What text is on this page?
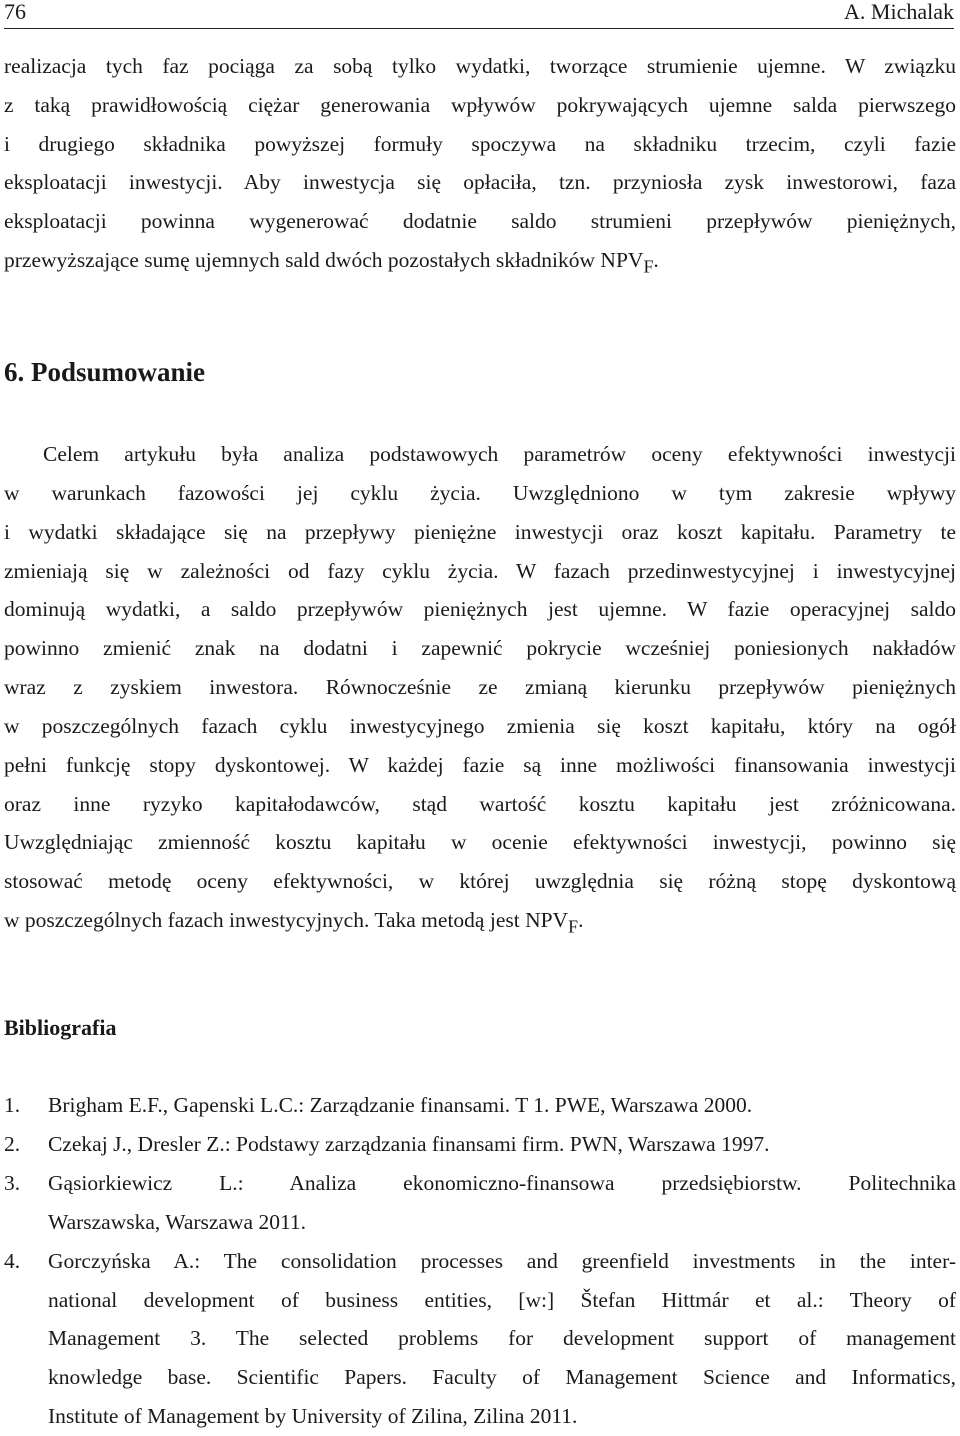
76	A. Michalak
realizacja tych faz pociąga za sobą tylko wydatki, tworzące strumienie ujemne. W związku
z taką prawidłowością ciężar generowania wpływów pokrywających ujemne salda pierwszego
i drugiego składnika powyższej formuły spoczywa na składniku trzecim, czyli fazie
eksploatacji inwestycji. Aby inwestycja się opłaciła, tzn. przyniosła zysk inwestorowi, faza
eksploatacji powinna wygenerować dodatnie saldo strumieni przepływów pieniężnych,
przewyższające sumę ujemnych sald dwóch pozostałych składników $NPV_F$.
6. Podsumowanie
Celem artykułu była analiza podstawowych parametrów oceny efektywności inwestycji
w warunkach fazowości jej cyklu życia. Uwzględniono w tym zakresie wpływy
i wydatki składające się na przepływy pieniężne inwestycji oraz koszt kapitału. Parametry te
zmieniają się w zależności od fazy cyklu życia. W fazach przedinwestycyjnej i inwestycyjnej
dominują wydatki, a saldo przepływów pieniężnych jest ujemne. W fazie operacyjnej saldo
powinno zmienić znak na dodatni i zapewnić pokrycie wcześniej poniesionych nakładów
wraz z zyskiem inwestora. Równocześnie ze zmianą kierunku przepływów pieniężnych
w poszczególnych fazach cyklu inwestycyjnego zmienia się koszt kapitału, który na ogół
pełni funkcję stopy dyskontowej. W każdej fazie są inne możliwości finansowania inwestycji
oraz inne ryzyko kapitałodawców, stąd wartość kosztu kapitału jest zróżnicowana.
Uwzględniając zmienność kosztu kapitału w ocenie efektywności inwestycji, powinno się
stosować metodę oceny efektywności, w której uwzględnia się różną stopę dyskontową
w poszczególnych fazach inwestycyjnych. Taka metodą jest $NPV_F$.
Bibliografia
1. Brigham E.F., Gapenski L.C.: Zarządzanie finansami. T 1. PWE, Warszawa 2000.
2. Czekaj J., Dresler Z.: Podstawy zarządzania finansami firm. PWN, Warszawa 1997.
3. Gąsiorkiewicz L.: Analiza ekonomiczno-finansowa przedsiębiorstw. Politechnika
Warszawska, Warszawa 2011.
4. Gorczyńska A.: The consolidation processes and greenfield investments in the inter-
national development of business entities, [w:] Štefan Hittmár et al.: Theory of
Management 3. The selected problems for development support of management
knowledge base. Scientific Papers. Faculty of Management Science and Informatics,
Institute of Management by University of Zilina, Zilina 2011.
